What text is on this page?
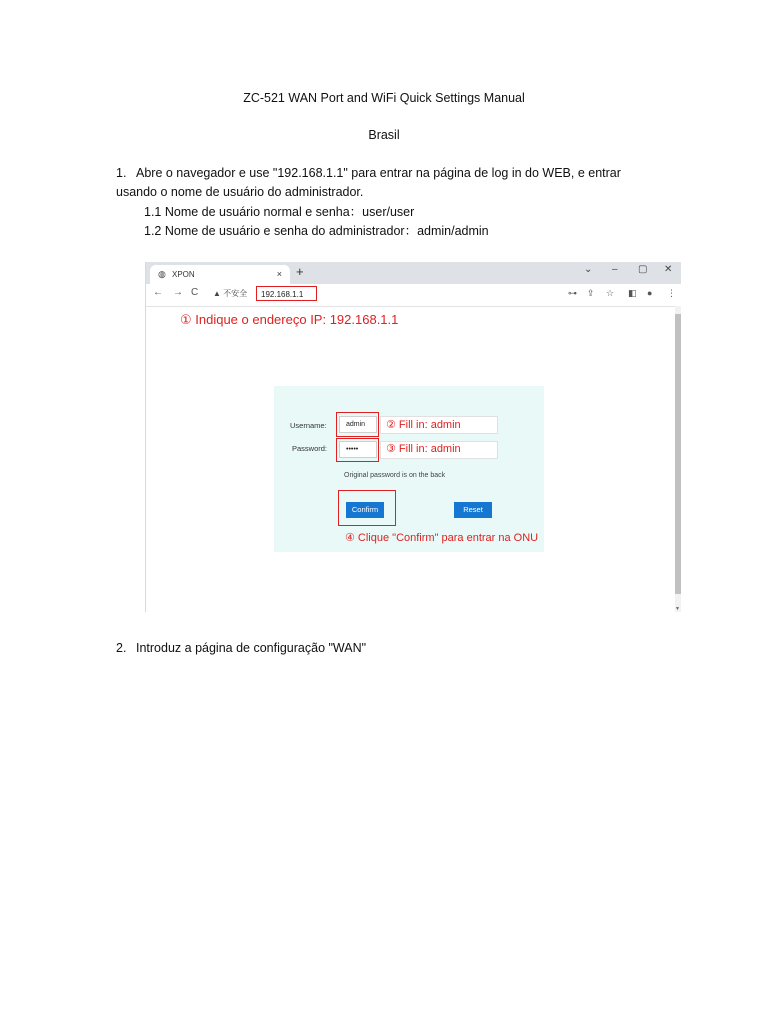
ZC-521 WAN Port and WiFi Quick Settings Manual
Brasil
1. Abre o navegador e use "192.168.1.1" para entrar na página de log in do WEB, e entrar
usando o nome de usuário do administrador.
1.1 Nome de usuário normal e senha：user/user
1.2 Nome de usuário e senha do administrador：admin/admin
◍ XPON	× +	⌄ – ▢ ✕
← → C ▲ 不安全	192.168.1.1	⊶ ⇪ ☆ ◧ ● ⋮
▼
① Indique o endereço IP: 192.168.1.1
Username:	admin	② Fill in: admin
Password:	•••••	③ Fill in: admin
Original password is on the back
Confirm	Reset
④ Clique "Confirm" para entrar na ONU
2. Introduz a página de configuração "WAN"
